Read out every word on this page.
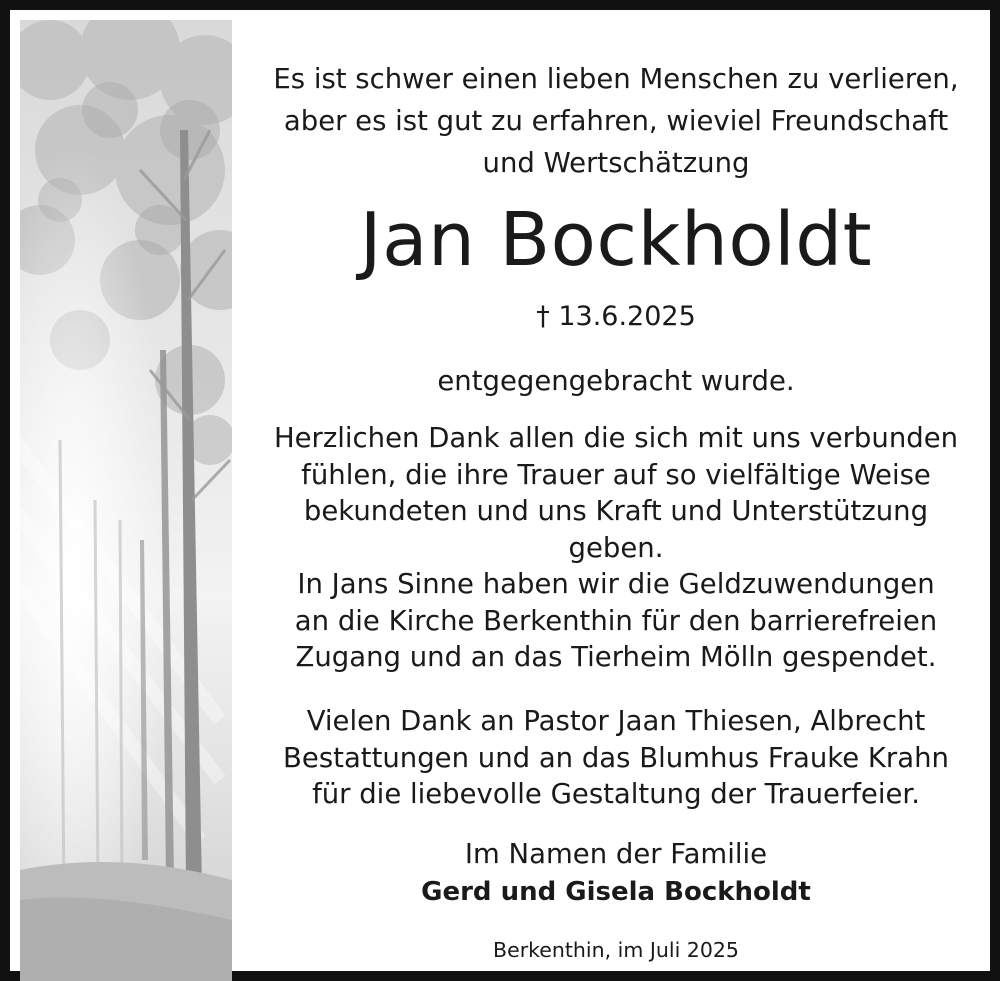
Es ist schwer einen lieben Menschen zu verlieren,
aber es ist gut zu erfahren, wieviel Freundschaft
und Wertschätzung
Jan Bockholdt
† 13.6.2025
entgegengebracht wurde.
Herzlichen Dank allen die sich mit uns verbunden
fühlen, die ihre Trauer auf so vielfältige Weise
bekundeten und uns Kraft und Unterstützung
geben.
In Jans Sinne haben wir die Geldzuwendungen
an die Kirche Berkenthin für den barrierefreien
Zugang und an das Tierheim Mölln gespendet.
Vielen Dank an Pastor Jaan Thiesen, Albrecht
Bestattungen und an das Blumhus Frauke Krahn
für die liebevolle Gestaltung der Trauerfeier.
Im Namen der Familie
Gerd und Gisela Bockholdt
Berkenthin, im Juli 2025
